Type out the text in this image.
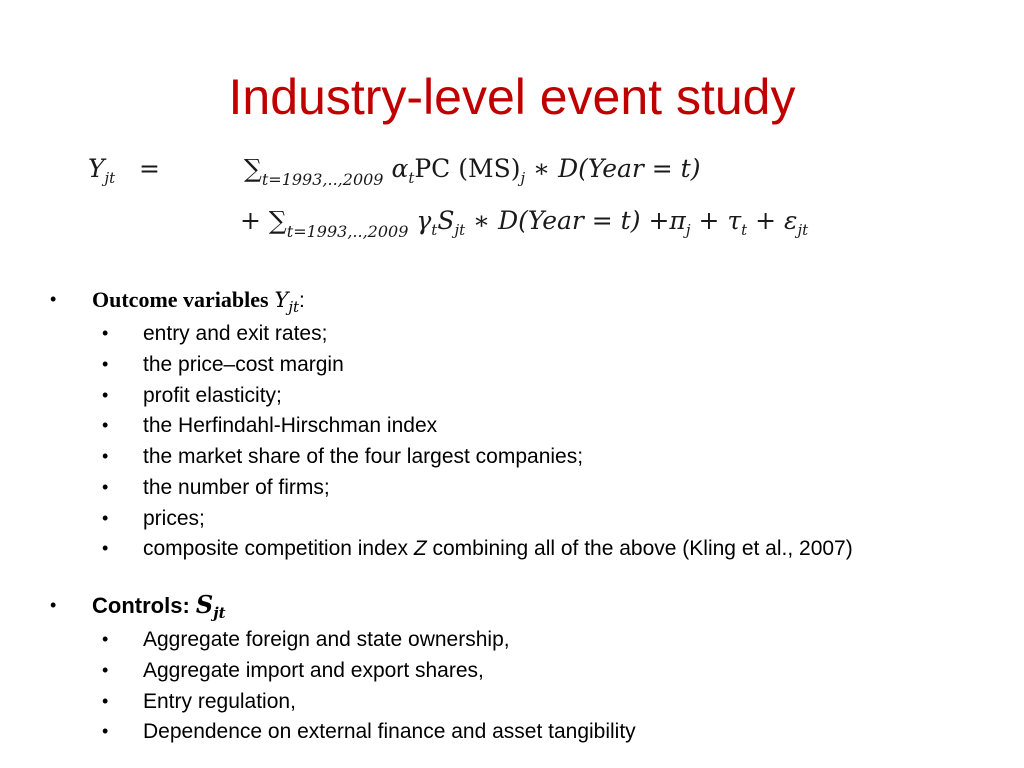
Industry-level event study
$Y_{jt}$ =	$\sum_{t=1993,..,2009}$ $\alpha_tPC$ $(MS)_j$ ∗ D(Year = t)
+ $\sum_{t=1993,..,2009}$ $\gamma_tS_{jt}$ ∗ D(Year = $t) +\pi_j + \tau_t + \varepsilon_{jt}$
• Outcome variables $Y_{jt}$:
• entry and exit rates;
• the price–cost margin
• profit elasticity;
• the Herfindahl-Hirschman index
• the market share of the four largest companies;
• the number of firms;
• prices;
• composite competition index Z combining all of the above (Kling et al., 2007)
• Controls: $S_{jt}$
• Aggregate foreign and state ownership,
• Aggregate import and export shares,
• Entry regulation,
• Dependence on external finance and asset tangibility
